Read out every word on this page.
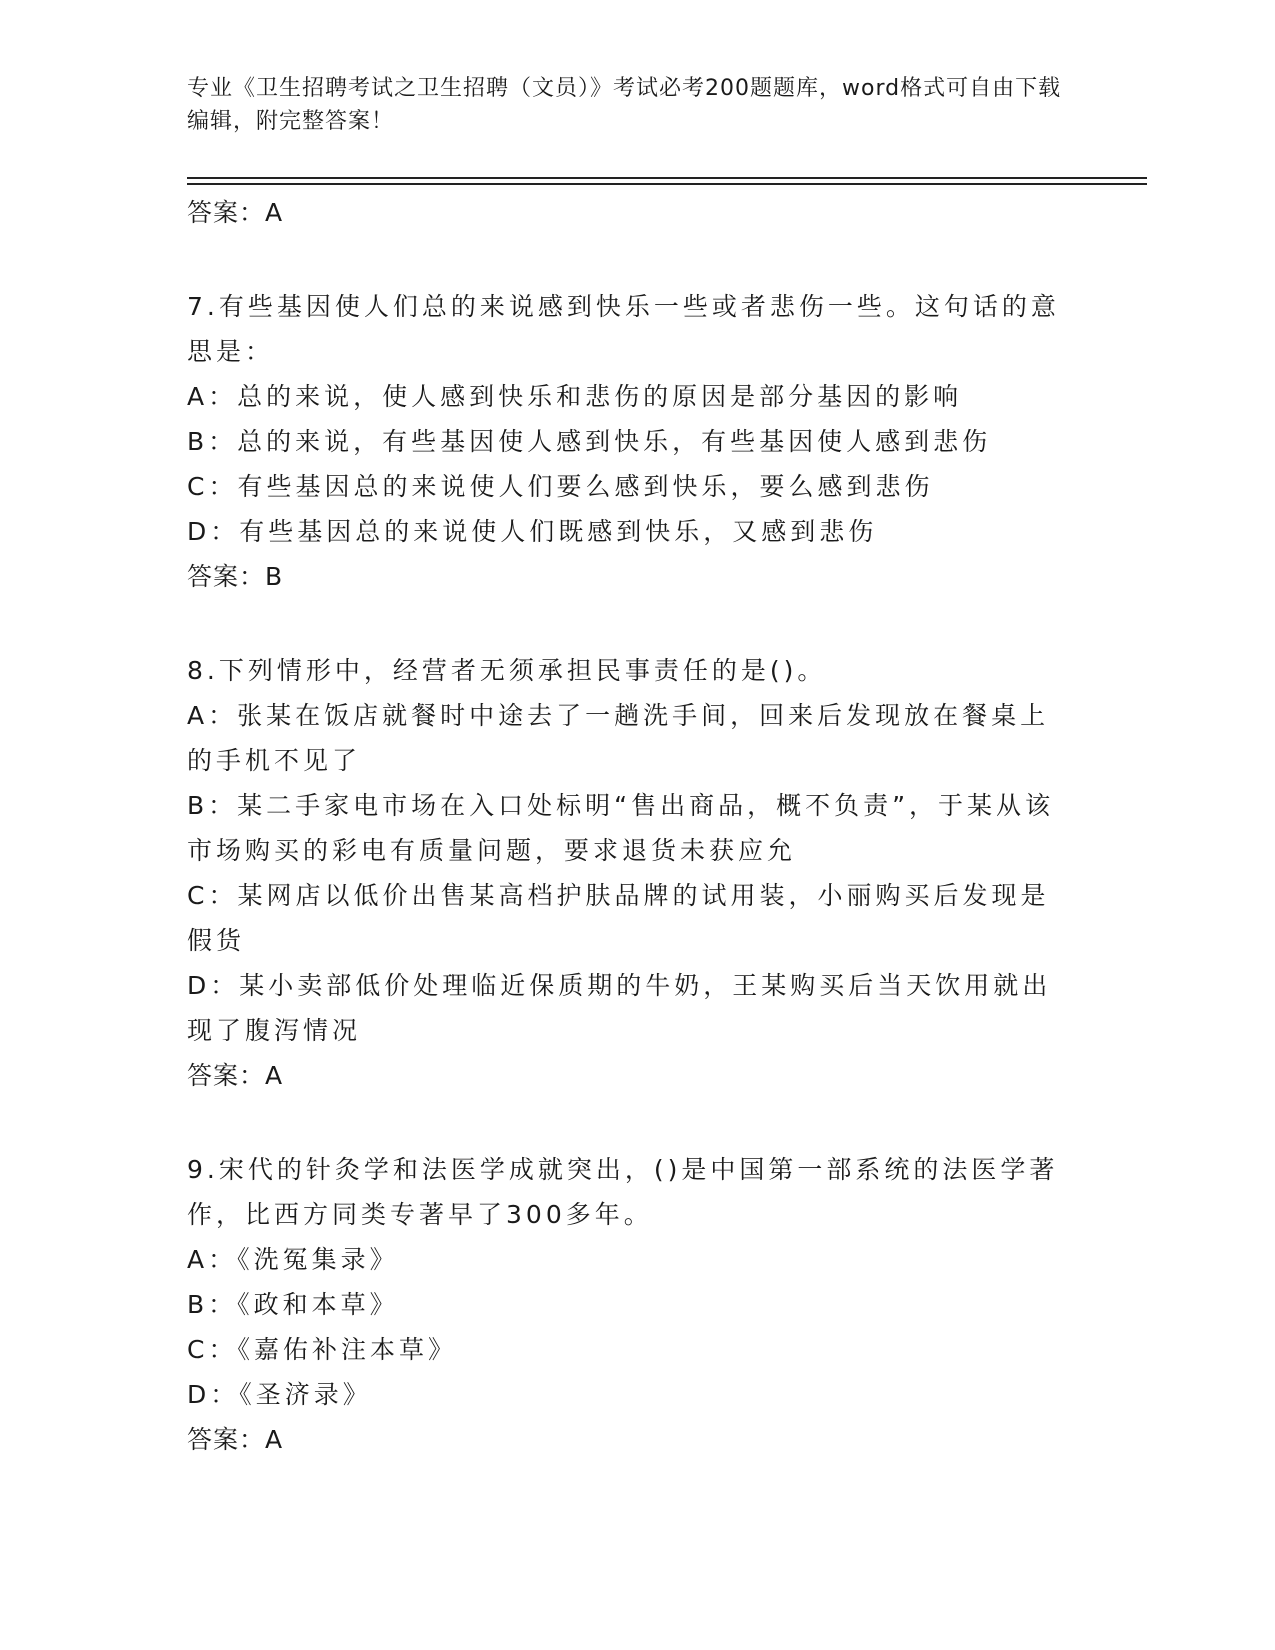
专业《卫生招聘考试之卫生招聘（文员）》考试必考200题题库，word格式可自由下载编辑，附完整答案！
答案：A

7.有些基因使人们总的来说感到快乐一些或者悲伤一些。这句话的意思是：

A：总的来说，使人感到快乐和悲伤的原因是部分基因的影响

B：总的来说，有些基因使人感到快乐，有些基因使人感到悲伤

C：有些基因总的来说使人们要么感到快乐，要么感到悲伤

D：有些基因总的来说使人们既感到快乐，又感到悲伤

答案：B

8.下列情形中，经营者无须承担民事责任的是()。

A：张某在饭店就餐时中途去了一趟洗手间，回来后发现放在餐桌上的手机不见了

B：某二手家电市场在入口处标明“售出商品，概不负责”，于某从该市场购买的彩电有质量问题，要求退货未获应允

C：某网店以低价出售某高档护肤品牌的试用装，小丽购买后发现是假货

D：某小卖部低价处理临近保质期的牛奶，王某购买后当天饮用就出现了腹泻情况

答案：A

9.宋代的针灸学和法医学成就突出，()是中国第一部系统的法医学著作，比西方同类专著早了300多年。

A：《洗冤集录》

B：《政和本草》

C：《嘉佑补注本草》

D：《圣济录》

答案：A
